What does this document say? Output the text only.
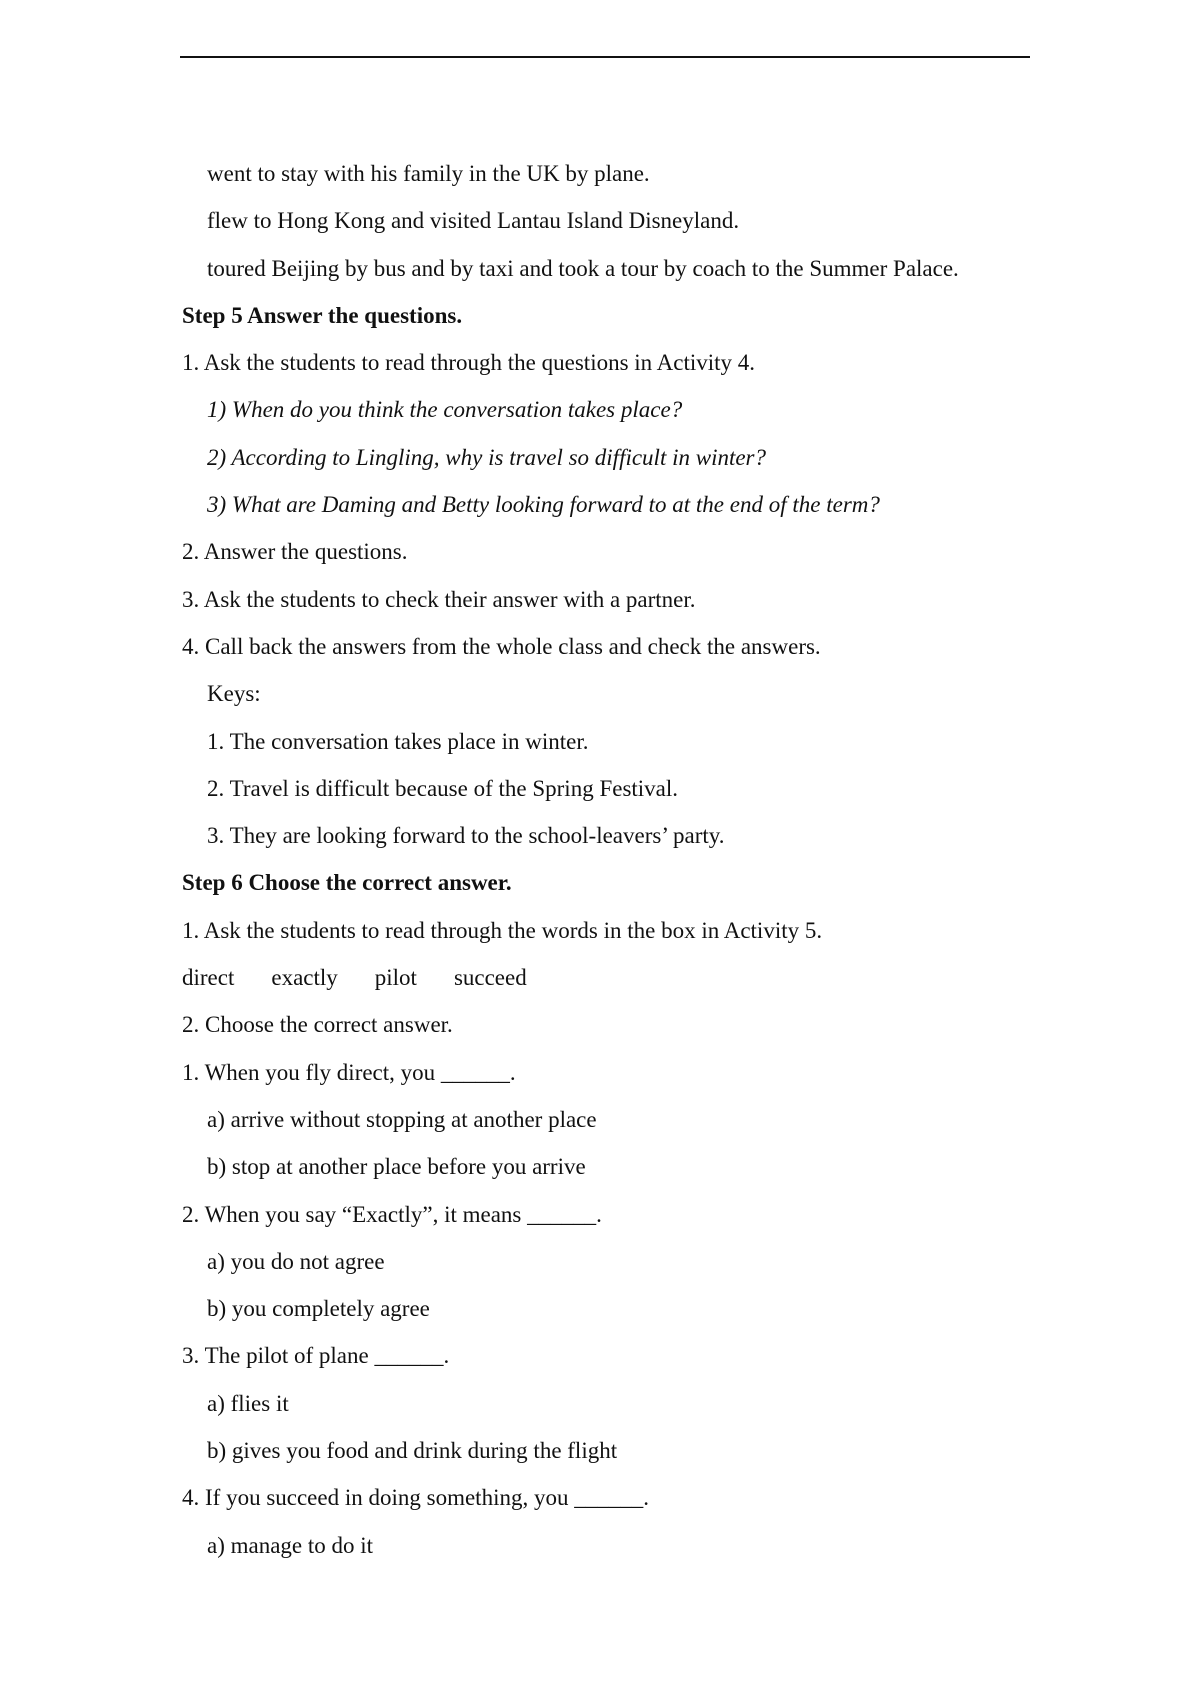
went to stay with his family in the UK by plane.
flew to Hong Kong and visited Lantau Island Disneyland.
toured Beijing by bus and by taxi and took a tour by coach to the Summer Palace.
Step 5 Answer the questions.
1. Ask the students to read through the questions in Activity 4.
1) When do you think the conversation takes place?
2) According to Lingling, why is travel so difficult in winter?
3) What are Daming and Betty looking forward to at the end of the term?
2. Answer the questions.
3. Ask the students to check their answer with a partner.
4. Call back the answers from the whole class and check the answers.
Keys:
1. The conversation takes place in winter.
2. Travel is difficult because of the Spring Festival.
3. They are looking forward to the school-leavers’ party.
Step 6 Choose the correct answer.
1. Ask the students to read through the words in the box in Activity 5.
direct exactly pilot succeed
2. Choose the correct answer.
1. When you fly direct, you ______.
a) arrive without stopping at another place
b) stop at another place before you arrive
2. When you say “Exactly”, it means ______.
a) you do not agree
b) you completely agree
3. The pilot of plane ______.
a) flies it
b) gives you food and drink during the flight
4. If you succeed in doing something, you ______.
a) manage to do it
